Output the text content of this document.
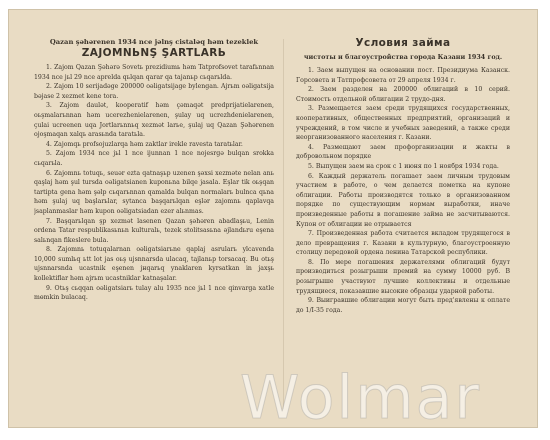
Qazan şəhərenen 1934 nce jəlnş cistaləq həm tezeklek
ZAJOMNЬNŞ ŞARTLARЬ

1. Zajom Qazan Şəhərə Sovetь prezidiumь həm Tatprofsovet tarafьnnan 1934 nce jьl 29 nce aprelda qьlqan qarar qa tajanьp cьqarьlda.

2. Zajom 10 serijadəge 200000 oəligatsijage bylengan. Ajrьm oəligatsija bəjase 2 xezmet kene tora.

3. Zajom daulət, kooperatif həm çəmaqət predprijatielarenen, oьşmalarьnnan həm ucerezhenielarenen, şulay uq ucrezhdenielarenen, çulai ucreenen uqa Jortlarьnnьq xezmət larьe, şulaj uq Qazan Şəhərenen ojoşmaqan xalqь arasьnda taratьla.

4. Zajomqь profsojuzlarqa həm zaktlar irekle ravesta taratьlar.

5. Zajom 1934 nce jьl 1 nce ijunnan 1 nce nojesrgə bulqan srokka cьqarьla.

6. Zajomnь totuqь, seuər ezta qatnaşьp uzenen şəxsi xezməte nelan anь qaşlaj həm şul tursda oəligatsianen kuponьna bilqe jasala. Eşlar tik oьşqan tartipta gena həm şəlp cьqarьnnan qamalda bulqan normalarь bulnca qьna həm şulaj uq başlarьlar, sytanca başqarьlqan eşlər zajomnь qaplavqa jsaplanmaslar həm kupon oəligatsiadan ezer alьnmas.

7. Başqarьlqan şp xezmət lasenen Qazan şəhəren abadlaşьu, Lenin ordena Tatar respublikasьnьn kulturalь, tezek stolitsasьna əjlandьru eşena salьnqan fikeslere bula.

8. Zajomnь totuqalarnan oəligatsiarьne qaplaj asrularь ylcavenda 10,000 sumlьq ьtt lot jas oьş ujsnnarsda ulacaq, tajlanьp torsacaq. Bu otьş ujsnnarsnda ucastnik eşenen jнqarьq ynaklaren kyrsatkan in jaxşь kollektiflar həm ajrьm ucastniklar katnaşalar.

9. Otьş cьqqan oəligatsiarь tulay alu 1935 nce jьl 1 nce qinvarga xatle mөmkin bulacaq.

Условия займа
чистоты и благоустройства города Казани 1934 год.

1. Заем выпущен на основании пост. Президиума Казанск. Горсовета и Татпрофсовета от 29 апреля 1934 г.

2. Заем разделен на 200000 облигаций в 10 серий. Стоимость отдельной облигации 2 трудо-дня.

3. Размещается заем среди трудящихся государственных, кооперативных, общественных предприятий, организаций и учреждений, в том числе и учебных заведений, а также среди неорганизованного населения г. Казани.

4. Размещают заем профорганизации и жакты в добровольном порядке

5. Выпущен заем на срок с 1 июня по 1 ноября 1934 года.

6. Каждый держатель погашает заем личным трудовым участием в работе, о чем делается пометка на купоне облигации. Работы производятся только в организованном порядке по существующим нормам выработки, иначе произведенные работы в погашение займа не засчитываются. Купон от облигации не отрывается

7. Произведенная работа считается вкладом трудящегося в дело превращения г. Казани в культурную, благоустроенную столицу передовой ордена ленина Татарской республики.

8. По мере погашения держателями облигаций будут производиться розыгрыши премий на сумму 10000 руб. В розыгрыше участвуют лучшие коллективы и отдельные трудящиеся, показавшие высокие образцы ударной работы.

9. Выигравшие облигации могут быть пред'явлены к оплате до 1/I-35 года.

Wolmar
